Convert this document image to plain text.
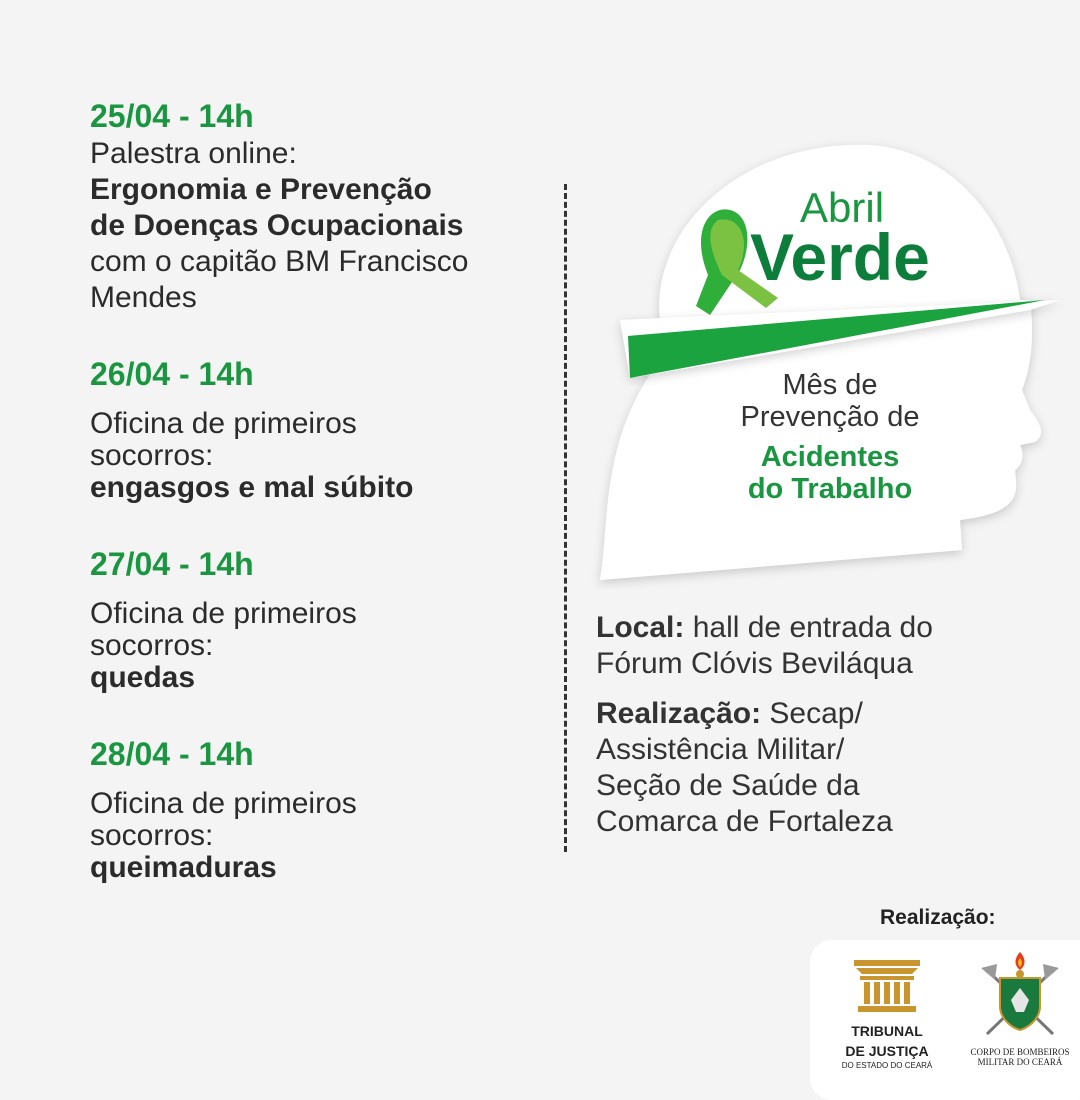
25/04 - 14h
Palestra online:
Ergonomia e Prevenção
de Doenças Ocupacionais
com o capitão BM Francisco
Mendes
26/04 - 14h
Oficina de primeiros
socorros:
engasgos e mal súbito
27/04 - 14h
Oficina de primeiros
socorros:
quedas
28/04 - 14h
Oficina de primeiros
socorros:
queimaduras
Abril
Verde
Mês de
Prevenção de
Acidentes
do Trabalho

Local: hall de entrada do
Fórum Clóvis Beviláqua

Realização: Secap/
Assistência Militar/
Seção de Saúde da
Comarca de Fortaleza

Realização:
TRIBUNAL
DE JUSTIÇA
DO ESTADO DO CEARÁ
CORPO DE BOMBEIROS
MILITAR DO CEARÁ
